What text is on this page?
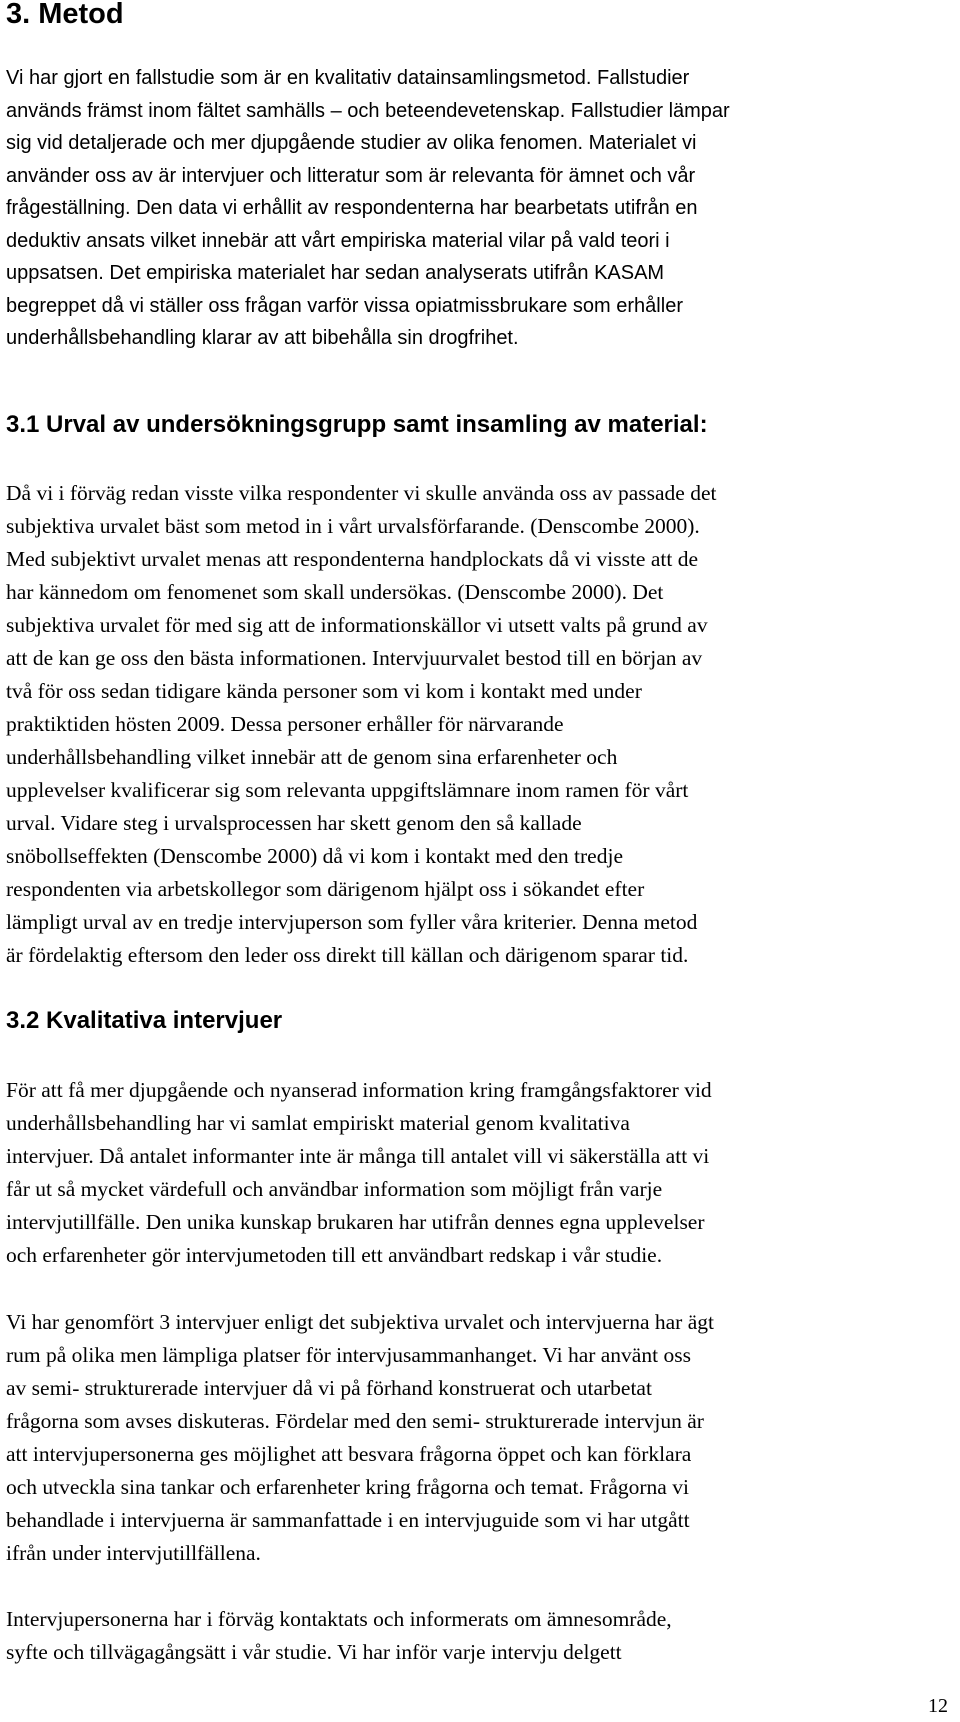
3. Metod

Vi har gjort en fallstudie som är en kvalitativ datainsamlingsmetod. Fallstudier
används främst inom fältet samhälls – och beteendevetenskap. Fallstudier lämpar
sig vid detaljerade och mer djupgående studier av olika fenomen. Materialet vi
använder oss av är intervjuer och litteratur som är relevanta för ämnet och vår
frågeställning. Den data vi erhållit av respondenterna har bearbetats utifrån en
deduktiv ansats vilket innebär att vårt empiriska material vilar på vald teori i
uppsatsen. Det empiriska materialet har sedan analyserats utifrån KASAM
begreppet då vi ställer oss frågan varför vissa opiatmissbrukare som erhåller
underhållsbehandling klarar av att bibehålla sin drogfrihet.

3.1 Urval av undersökningsgrupp samt insamling av material:

Då vi i förväg redan visste vilka respondenter vi skulle använda oss av passade det
subjektiva urvalet bäst som metod in i vårt urvalsförfarande. (Denscombe 2000).
Med subjektivt urvalet menas att respondenterna handplockats då vi visste att de
har kännedom om fenomenet som skall undersökas. (Denscombe 2000). Det
subjektiva urvalet för med sig att de informationskällor vi utsett valts på grund av
att de kan ge oss den bästa informationen. Intervjuurvalet bestod till en början av
två för oss sedan tidigare kända personer som vi kom i kontakt med under
praktiktiden hösten 2009. Dessa personer erhåller för närvarande
underhållsbehandling vilket innebär att de genom sina erfarenheter och
upplevelser kvalificerar sig som relevanta uppgiftslämnare inom ramen för vårt
urval. Vidare steg i urvalsprocessen har skett genom den så kallade
snöbollseffekten (Denscombe 2000) då vi kom i kontakt med den tredje
respondenten via arbetskollegor som därigenom hjälpt oss i sökandet efter
lämpligt urval av en tredje intervjuperson som fyller våra kriterier. Denna metod
är fördelaktig eftersom den leder oss direkt till källan och därigenom sparar tid.

3.2 Kvalitativa intervjuer

För att få mer djupgående och nyanserad information kring framgångsfaktorer vid
underhållsbehandling har vi samlat empiriskt material genom kvalitativa
intervjuer. Då antalet informanter inte är många till antalet vill vi säkerställa att vi
får ut så mycket värdefull och användbar information som möjligt från varje
intervjutillfälle. Den unika kunskap brukaren har utifrån dennes egna upplevelser
och erfarenheter gör intervjumetoden till ett användbart redskap i vår studie.

Vi har genomfört 3 intervjuer enligt det subjektiva urvalet och intervjuerna har ägt
rum på olika men lämpliga platser för intervjusammanhanget. Vi har använt oss
av semi- strukturerade intervjuer då vi på förhand konstruerat och utarbetat
frågorna som avses diskuteras. Fördelar med den semi- strukturerade intervjun är
att intervjupersonerna ges möjlighet att besvara frågorna öppet och kan förklara
och utveckla sina tankar och erfarenheter kring frågorna och temat. Frågorna vi
behandlade i intervjuerna är sammanfattade i en intervjuguide som vi har utgått
ifrån under intervjutillfällena.

Intervjupersonerna har i förväg kontaktats och informerats om ämnesområde,
syfte och tillvägagångsätt i vår studie. Vi har inför varje intervju delgett

12
